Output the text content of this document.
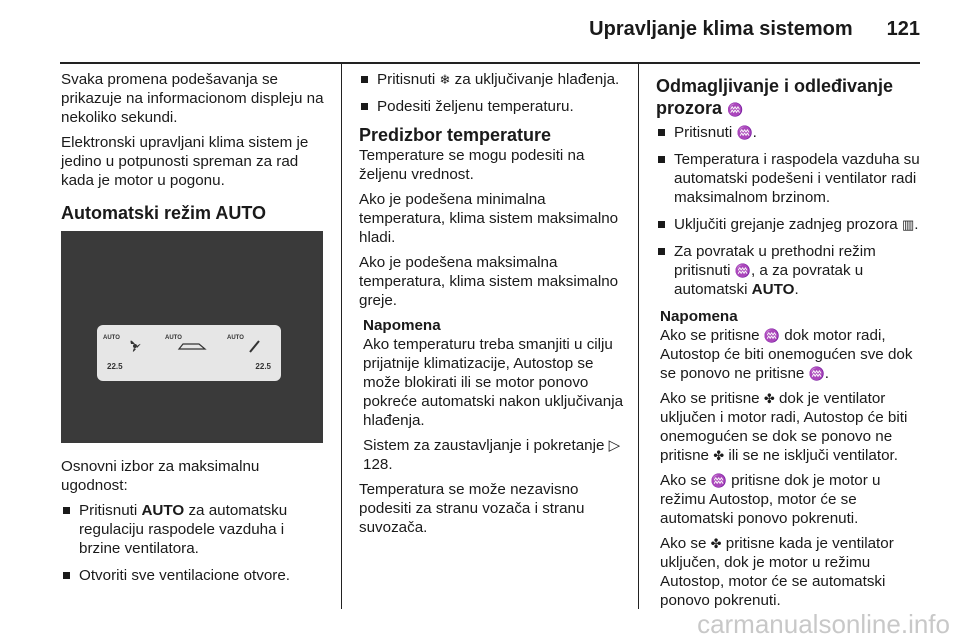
Upravljanje klima sistemom 121

Svaka promena podešavanja se prikazuje na informacionom displeju na nekoliko sekundi.

Elektronski upravljani klima sistem je jedino u potpunosti spreman za rad kada je motor u pogonu.

Automatski režim AUTO
AUTO	AUTO	AUTO
22.5	22.5

Osnovni izbor za maksimalnu ugodnost:

Pritisnuti AUTO za automatsku regulaciju raspodele vazduha i brzine ventilatora.

Otvoriti sve ventilacione otvore.

Pritisnuti ❄ za uključivanje hlađenja.

Podesiti željenu temperaturu.

Predizbor temperature

Temperature se mogu podesiti na željenu vrednost.

Ako je podešena minimalna temperatura, klima sistem maksimalno hladi.

Ako je podešena maksimalna temperatura, klima sistem maksimalno greje.

Napomena

Ako temperaturu treba smanjiti u cilju prijatnije klimatizacije, Autostop se može blokirati ili se motor ponovo pokreće automatski nakon uključivanja hlađenja.

Sistem za zaustavljanje i pokretanje ▷ 128.

Temperatura se može nezavisno podesiti za stranu vozača i stranu suvozača.

Odmagljivanje i odleđivanje prozora ♒

Pritisnuti ♒.

Temperatura i raspodela vazduha su automatski podešeni i ventilator radi maksimalnom brzinom.

Uključiti grejanje zadnjeg prozora ▥.

Za povratak u prethodni režim pritisnuti ♒, a za povratak u automatski AUTO.

Napomena

Ako se pritisne ♒ dok motor radi, Autostop će biti onemogućen sve dok se ponovo ne pritisne ♒.

Ako se pritisne ✤ dok je ventilator uključen i motor radi, Autostop će biti onemogućen se dok se ponovo ne pritisne ✤ ili se ne isključi ventilator.

Ako se ♒ pritisne dok je motor u režimu Autostop, motor će se automatski ponovo pokrenuti.

Ako se ✤ pritisne kada je ventilator uključen, dok je motor u režimu Autostop, motor će se automatski ponovo pokrenuti.

carmanualsonline.info
